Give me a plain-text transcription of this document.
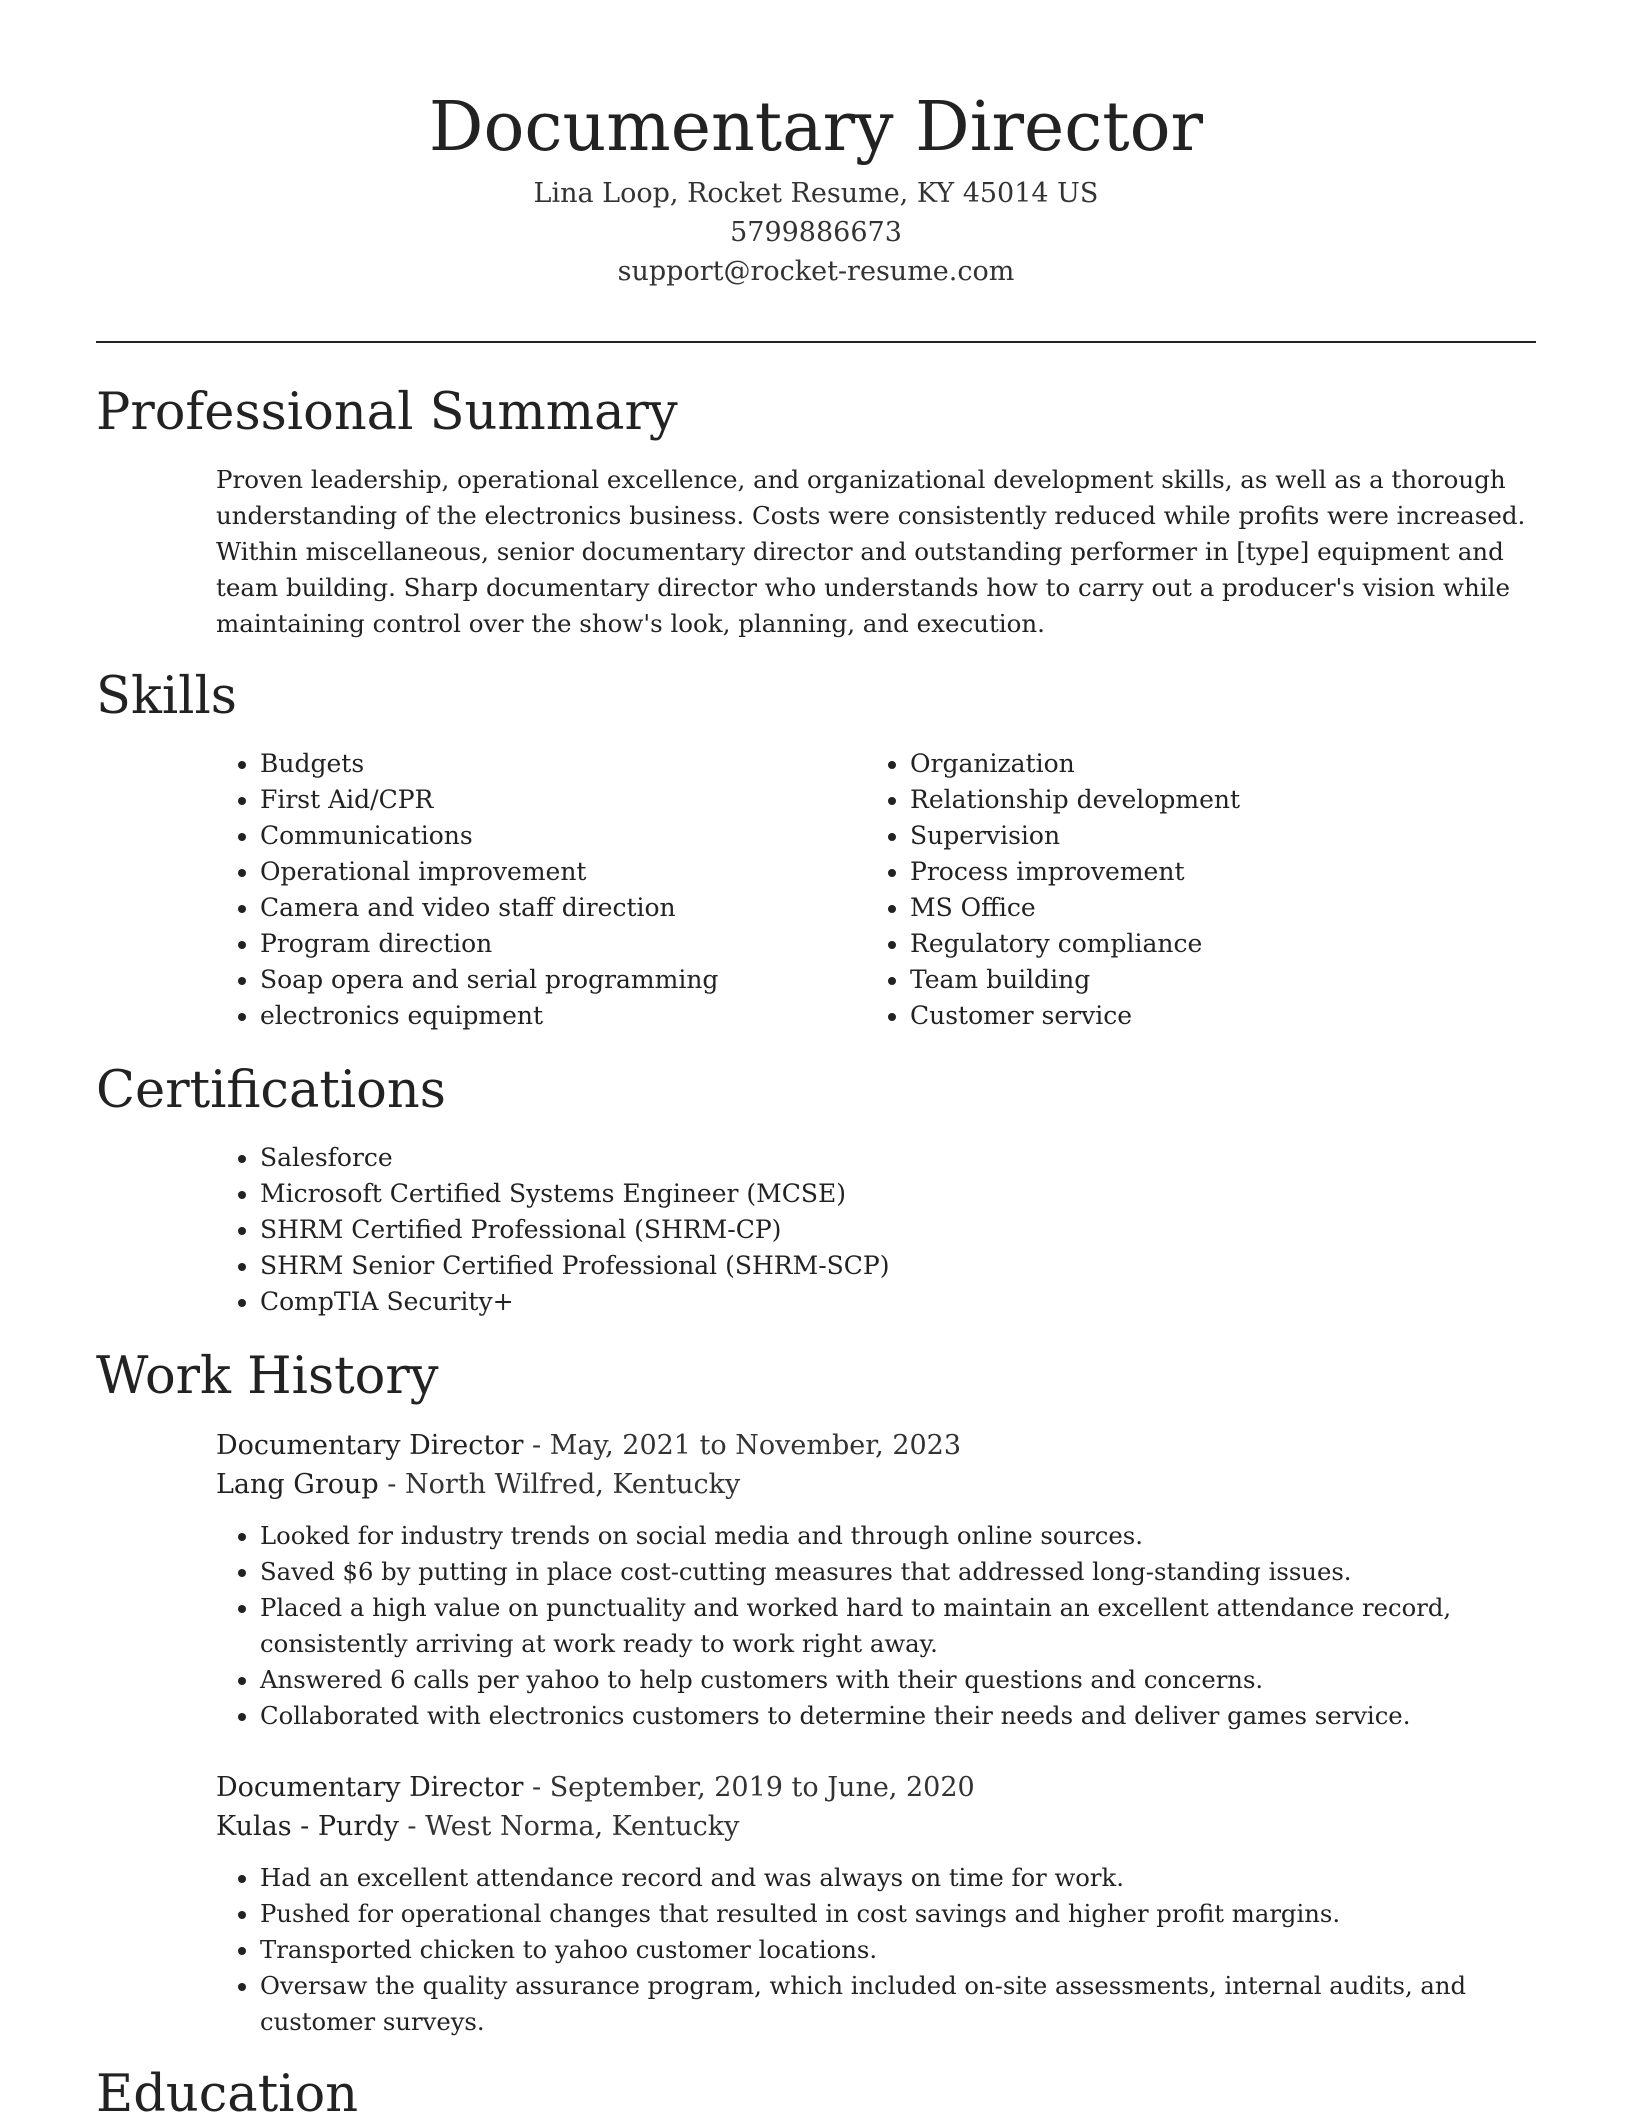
Documentary Director
Lina Loop, Rocket Resume, KY 45014 US
5799886673
support@rocket-resume.com
Professional Summary

Proven leadership, operational excellence, and organizational development skills, as well as a thorough understanding of the electronics business. Costs were consistently reduced while profits were increased. Within miscellaneous, senior documentary director and outstanding performer in [type] equipment and team building. Sharp documentary director who understands how to carry out a producer's vision while maintaining control over the show's look, planning, and execution.

Skills
• Budgets
• First Aid/CPR
• Communications
• Operational improvement
• Camera and video staff direction
• Program direction
• Soap opera and serial programming
• electronics equipment
• Organization
• Relationship development
• Supervision
• Process improvement
• MS Office
• Regulatory compliance
• Team building
• Customer service
Certifications
• Salesforce
• Microsoft Certified Systems Engineer (MCSE)
• SHRM Certified Professional (SHRM-CP)
• SHRM Senior Certified Professional (SHRM-SCP)
• CompTIA Security+
Work History
Documentary Director - May, 2021 to November, 2023
Lang Group - North Wilfred, Kentucky
• Looked for industry trends on social media and through online sources.
• Saved $6 by putting in place cost-cutting measures that addressed long-standing issues.
• Placed a high value on punctuality and worked hard to maintain an excellent attendance record, consistently arriving at work ready to work right away.
• Answered 6 calls per yahoo to help customers with their questions and concerns.
• Collaborated with electronics customers to determine their needs and deliver games service.
Documentary Director - September, 2019 to June, 2020
Kulas - Purdy - West Norma, Kentucky
• Had an excellent attendance record and was always on time for work.
• Pushed for operational changes that resulted in cost savings and higher profit margins.
• Transported chicken to yahoo customer locations.
• Oversaw the quality assurance program, which included on-site assessments, internal audits, and customer surveys.
Education
